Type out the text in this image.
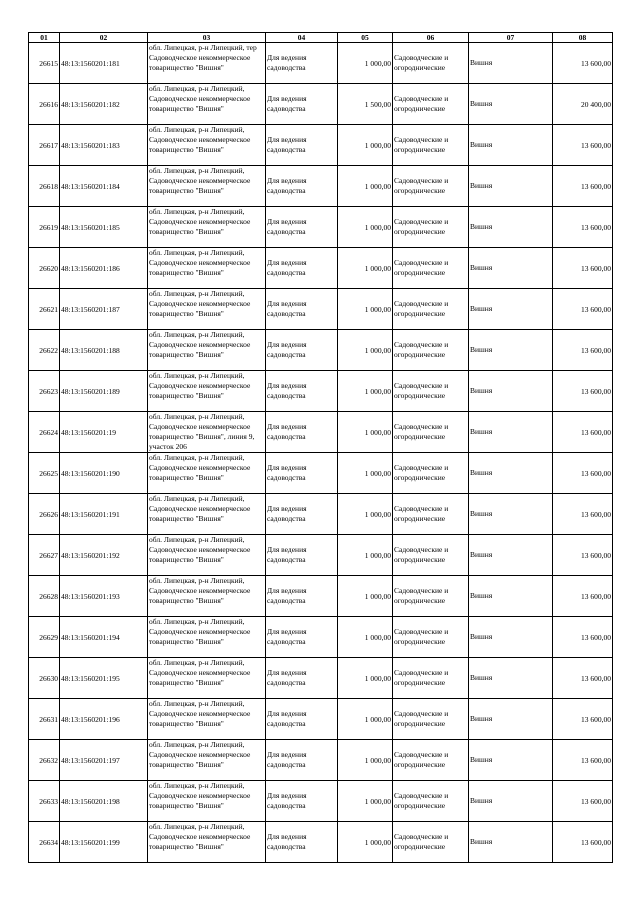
01	02	03	04	05	06	07	08
26615	48:13:1560201:181	обл. Липецкая, р-н Липецкий, тер Садоводческое некоммерческое товарищество "Вишня"	Для ведения садоводства	1 000,00	Садоводческие и огороднические	Вишня	13 600,00
26616	48:13:1560201:182	обл. Липецкая, р-н Липецкий, Садоводческое некоммерческое товарищество "Вишня"	Для ведения садоводства	1 500,00	Садоводческие и огороднические	Вишня	20 400,00
26617	48:13:1560201:183	обл. Липецкая, р-н Липецкий, Садоводческое некоммерческое товарищество "Вишня"	Для ведения садоводства	1 000,00	Садоводческие и огороднические	Вишня	13 600,00
26618	48:13:1560201:184	обл. Липецкая, р-н Липецкий, Садоводческое некоммерческое товарищество "Вишня"	Для ведения садоводства	1 000,00	Садоводческие и огороднические	Вишня	13 600,00
26619	48:13:1560201:185	обл. Липецкая, р-н Липецкий, Садоводческое некоммерческое товарищество "Вишня"	Для ведения садоводства	1 000,00	Садоводческие и огороднические	Вишня	13 600,00
26620	48:13:1560201:186	обл. Липецкая, р-н Липецкий, Садоводческое некоммерческое товарищество "Вишня"	Для ведения садоводства	1 000,00	Садоводческие и огороднические	Вишня	13 600,00
26621	48:13:1560201:187	обл. Липецкая, р-н Липецкий, Садоводческое некоммерческое товарищество "Вишня"	Для ведения садоводства	1 000,00	Садоводческие и огороднические	Вишня	13 600,00
26622	48:13:1560201:188	обл. Липецкая, р-н Липецкий, Садоводческое некоммерческое товарищество "Вишня"	Для ведения садоводства	1 000,00	Садоводческие и огороднические	Вишня	13 600,00
26623	48:13:1560201:189	обл. Липецкая, р-н Липецкий, Садоводческое некоммерческое товарищество "Вишня"	Для ведения садоводства	1 000,00	Садоводческие и огороднические	Вишня	13 600,00
26624	48:13:1560201:19	обл. Липецкая, р-н Липецкий, Садоводческое некоммерческое товарищество "Вишня", линия 9, участок 206	Для ведения садоводства	1 000,00	Садоводческие и огороднические	Вишня	13 600,00
26625	48:13:1560201:190	обл. Липецкая, р-н Липецкий, Садоводческое некоммерческое товарищество "Вишня"	Для ведения садоводства	1 000,00	Садоводческие и огороднические	Вишня	13 600,00
26626	48:13:1560201:191	обл. Липецкая, р-н Липецкий, Садоводческое некоммерческое товарищество "Вишня"	Для ведения садоводства	1 000,00	Садоводческие и огороднические	Вишня	13 600,00
26627	48:13:1560201:192	обл. Липецкая, р-н Липецкий, Садоводческое некоммерческое товарищество "Вишня"	Для ведения садоводства	1 000,00	Садоводческие и огороднические	Вишня	13 600,00
26628	48:13:1560201:193	обл. Липецкая, р-н Липецкий, Садоводческое некоммерческое товарищество "Вишня"	Для ведения садоводства	1 000,00	Садоводческие и огороднические	Вишня	13 600,00
26629	48:13:1560201:194	обл. Липецкая, р-н Липецкий, Садоводческое некоммерческое товарищество "Вишня"	Для ведения садоводства	1 000,00	Садоводческие и огороднические	Вишня	13 600,00
26630	48:13:1560201:195	обл. Липецкая, р-н Липецкий, Садоводческое некоммерческое товарищество "Вишня"	Для ведения садоводства	1 000,00	Садоводческие и огороднические	Вишня	13 600,00
26631	48:13:1560201:196	обл. Липецкая, р-н Липецкий, Садоводческое некоммерческое товарищество "Вишня"	Для ведения садоводства	1 000,00	Садоводческие и огороднические	Вишня	13 600,00
26632	48:13:1560201:197	обл. Липецкая, р-н Липецкий, Садоводческое некоммерческое товарищество "Вишня"	Для ведения садоводства	1 000,00	Садоводческие и огороднические	Вишня	13 600,00
26633	48:13:1560201:198	обл. Липецкая, р-н Липецкий, Садоводческое некоммерческое товарищество "Вишня"	Для ведения садоводства	1 000,00	Садоводческие и огороднические	Вишня	13 600,00
26634	48:13:1560201:199	обл. Липецкая, р-н Липецкий, Садоводческое некоммерческое товарищество "Вишня"	Для ведения садоводства	1 000,00	Садоводческие и огороднические	Вишня	13 600,00
